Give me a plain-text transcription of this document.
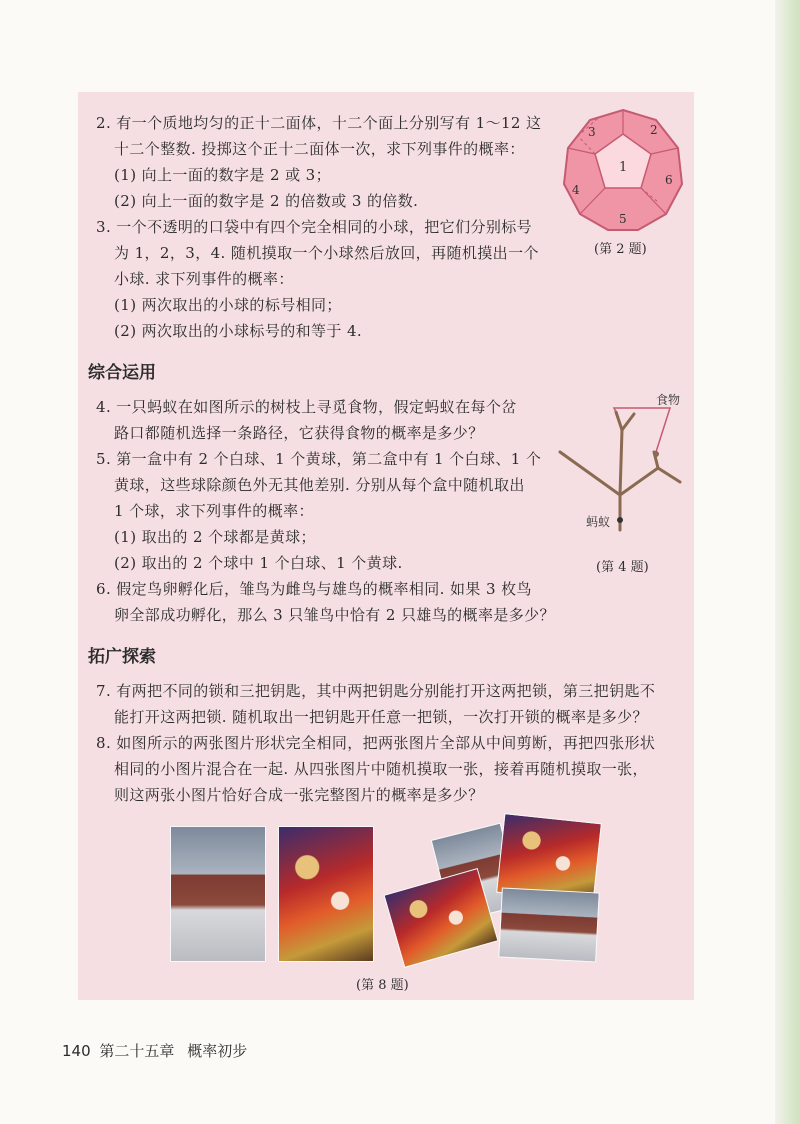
2. 有一个质地均匀的正十二面体，十二个面上分别写有 1～12 这
十二个整数. 投掷这个正十二面体一次，求下列事件的概率：
(1) 向上一面的数字是 2 或 3；
(2) 向上一面的数字是 2 的倍数或 3 的倍数.
3	2
1
6
4
5
(第 2 题)
3. 一个不透明的口袋中有四个完全相同的小球，把它们分别标号
为 1，2，3，4. 随机摸取一个小球然后放回，再随机摸出一个
小球. 求下列事件的概率：
(1) 两次取出的小球的标号相同；
(2) 两次取出的小球标号的和等于 4.
综合运用
4. 一只蚂蚁在如图所示的树枝上寻觅食物，假定蚂蚁在每个岔
路口都随机选择一条路径，它获得食物的概率是多少？
食物
蚂蚁
(第 4 题)
5. 第一盒中有 2 个白球、1 个黄球，第二盒中有 1 个白球、1 个
黄球，这些球除颜色外无其他差别. 分别从每个盒中随机取出
1 个球，求下列事件的概率：
(1) 取出的 2 个球都是黄球；
(2) 取出的 2 个球中 1 个白球、1 个黄球.
6. 假定鸟卵孵化后，雏鸟为雌鸟与雄鸟的概率相同. 如果 3 枚鸟
卵全部成功孵化，那么 3 只雏鸟中恰有 2 只雄鸟的概率是多少？
拓广探索
7. 有两把不同的锁和三把钥匙，其中两把钥匙分别能打开这两把锁，第三把钥匙不
能打开这两把锁. 随机取出一把钥匙开任意一把锁，一次打开锁的概率是多少？
8. 如图所示的两张图片形状完全相同，把两张图片全部从中间剪断，再把四张形状
相同的小图片混合在一起. 从四张图片中随机摸取一张，接着再随机摸取一张，
则这两张小图片恰好合成一张完整图片的概率是多少？
(第 8 题)
140 第二十五章 概率初步
